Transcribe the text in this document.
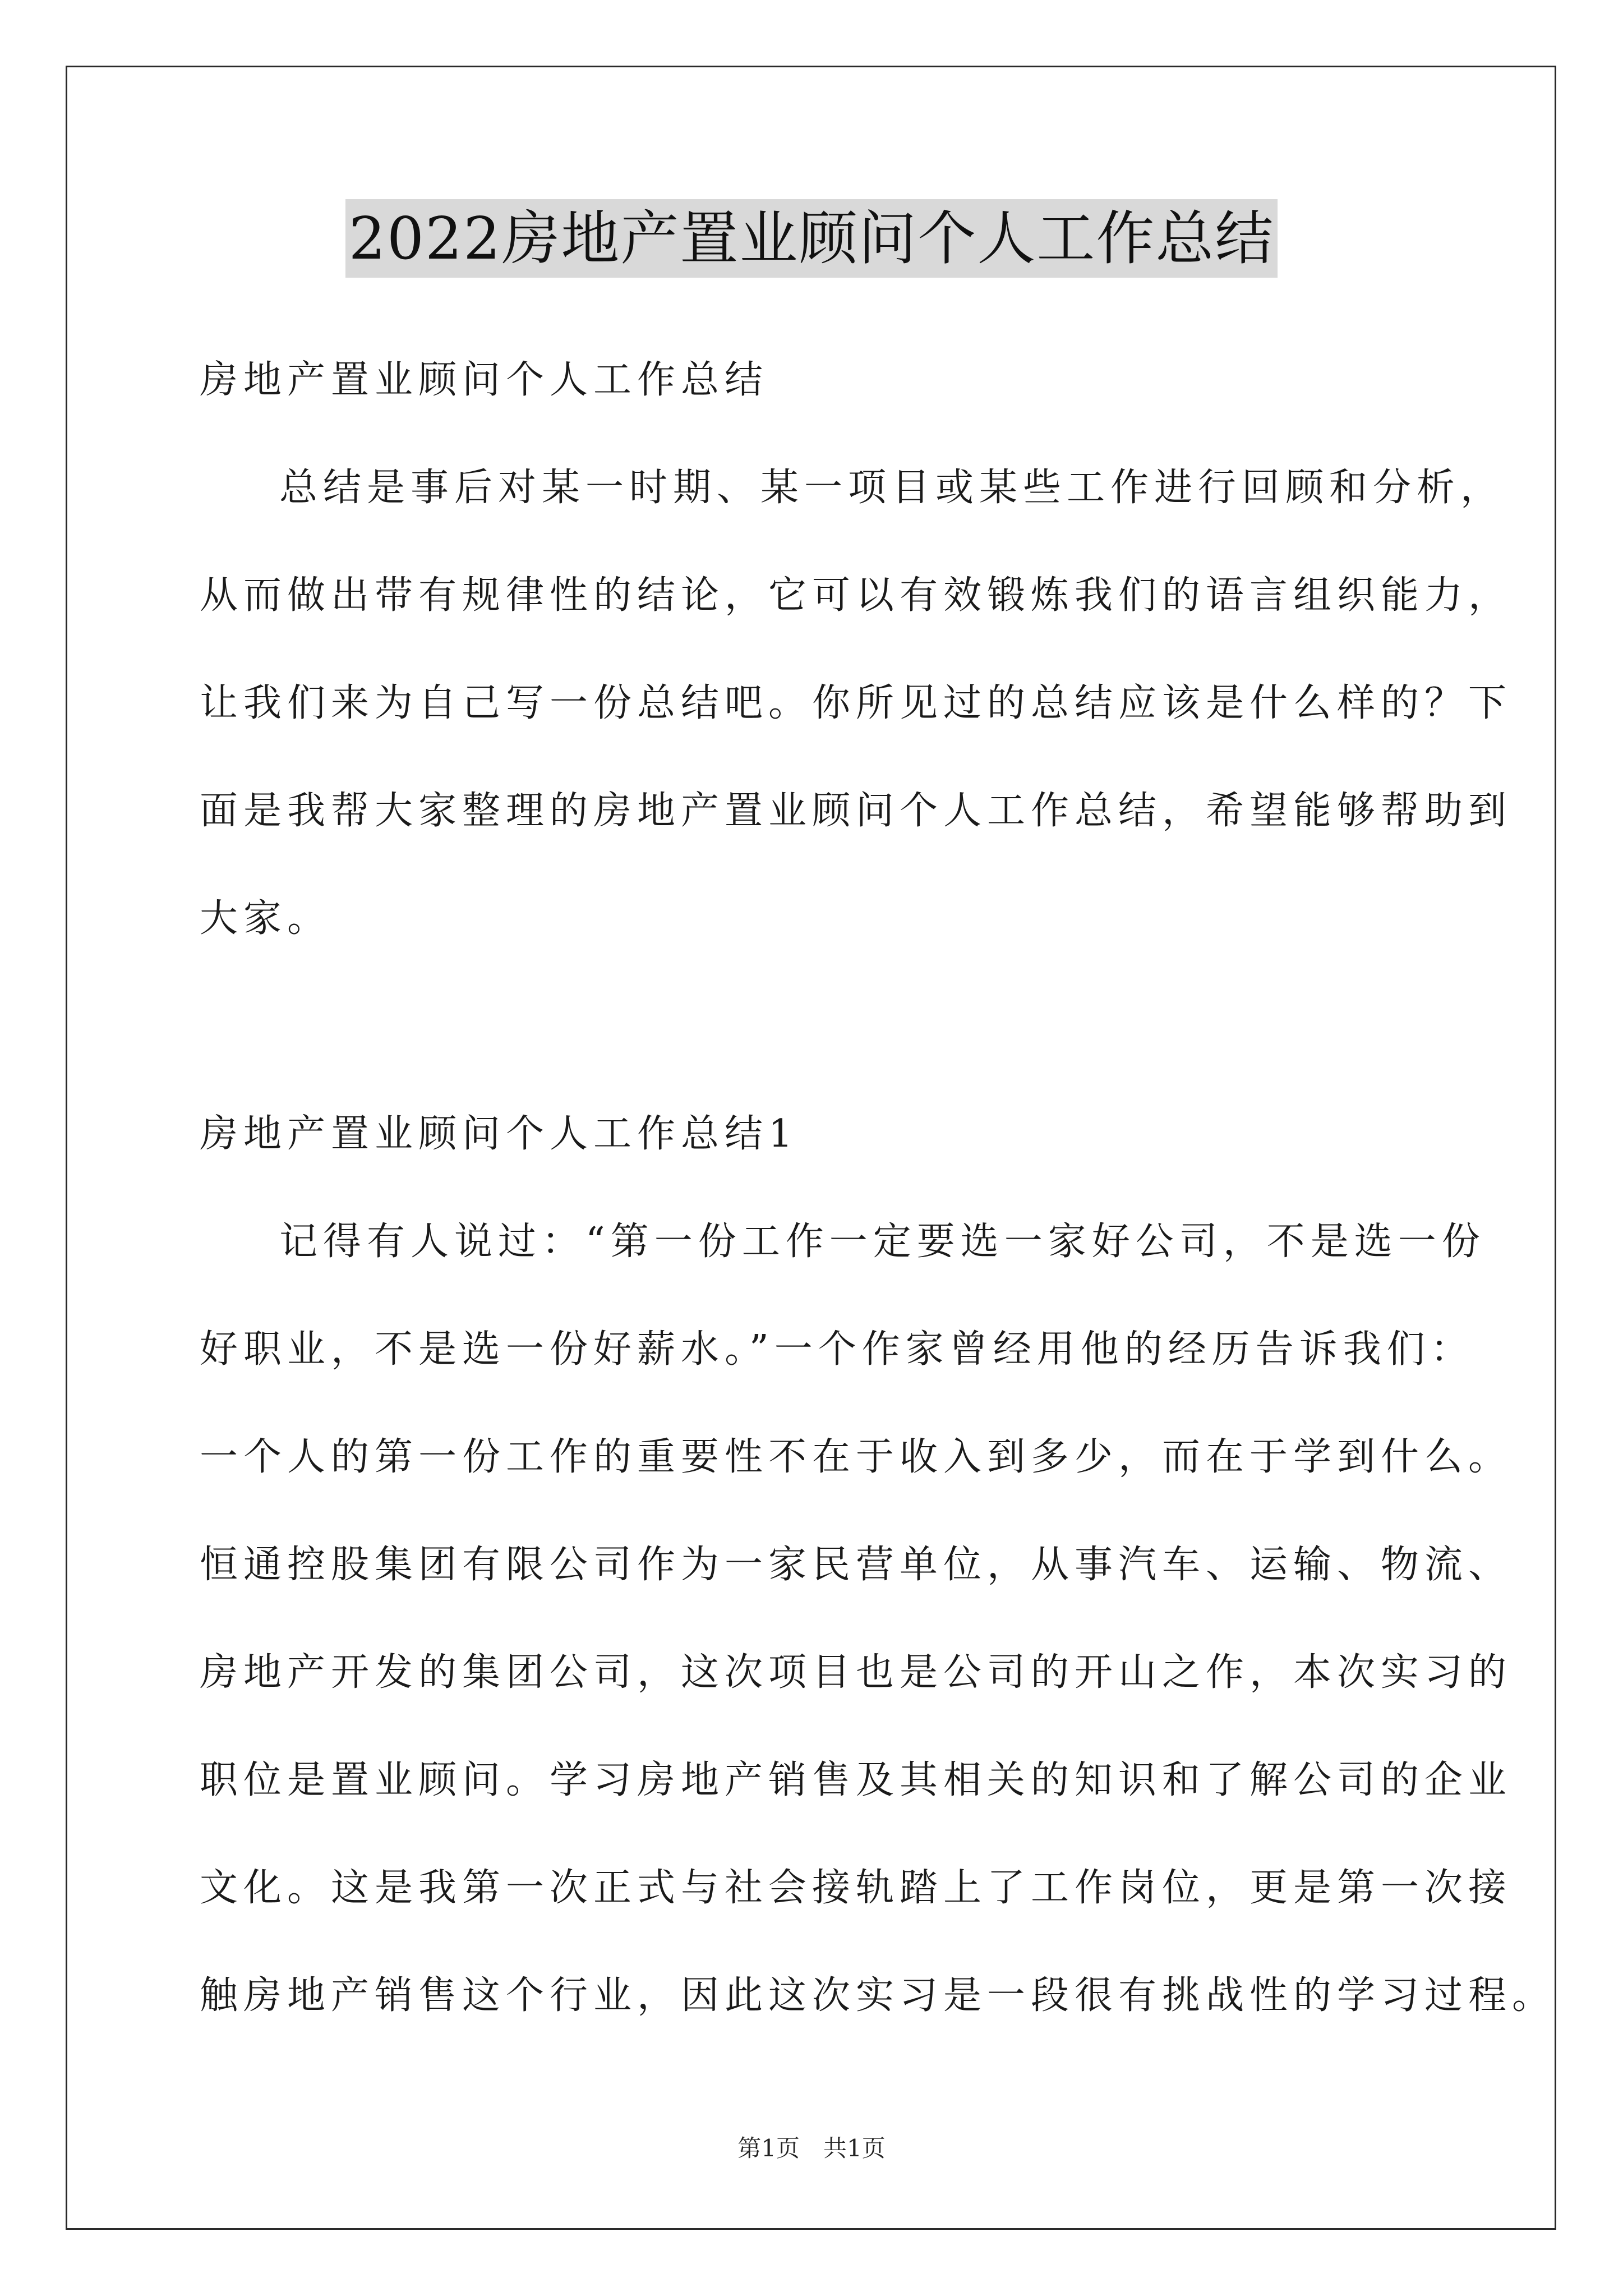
2022房地产置业顾问个人工作总结
房地产置业顾问个人工作总结
总结是事后对某一时期、某一项目或某些工作进行回顾和分析，
从而做出带有规律性的结论，它可以有效锻炼我们的语言组织能力，
让我们来为自己写一份总结吧。你所见过的总结应该是什么样的？下
面是我帮大家整理的房地产置业顾问个人工作总结，希望能够帮助到
大家。
房地产置业顾问个人工作总结1
记得有人说过：“第一份工作一定要选一家好公司，不是选一份
好职业，不是选一份好薪水。”一个作家曾经用他的经历告诉我们：
一个人的第一份工作的重要性不在于收入到多少，而在于学到什么。
恒通控股集团有限公司作为一家民营单位，从事汽车、运输、物流、
房地产开发的集团公司，这次项目也是公司的开山之作，本次实习的
职位是置业顾问。学习房地产销售及其相关的知识和了解公司的企业
文化。这是我第一次正式与社会接轨踏上了工作岗位，更是第一次接
触房地产销售这个行业，因此这次实习是一段很有挑战性的学习过程。
第1页　共1页
